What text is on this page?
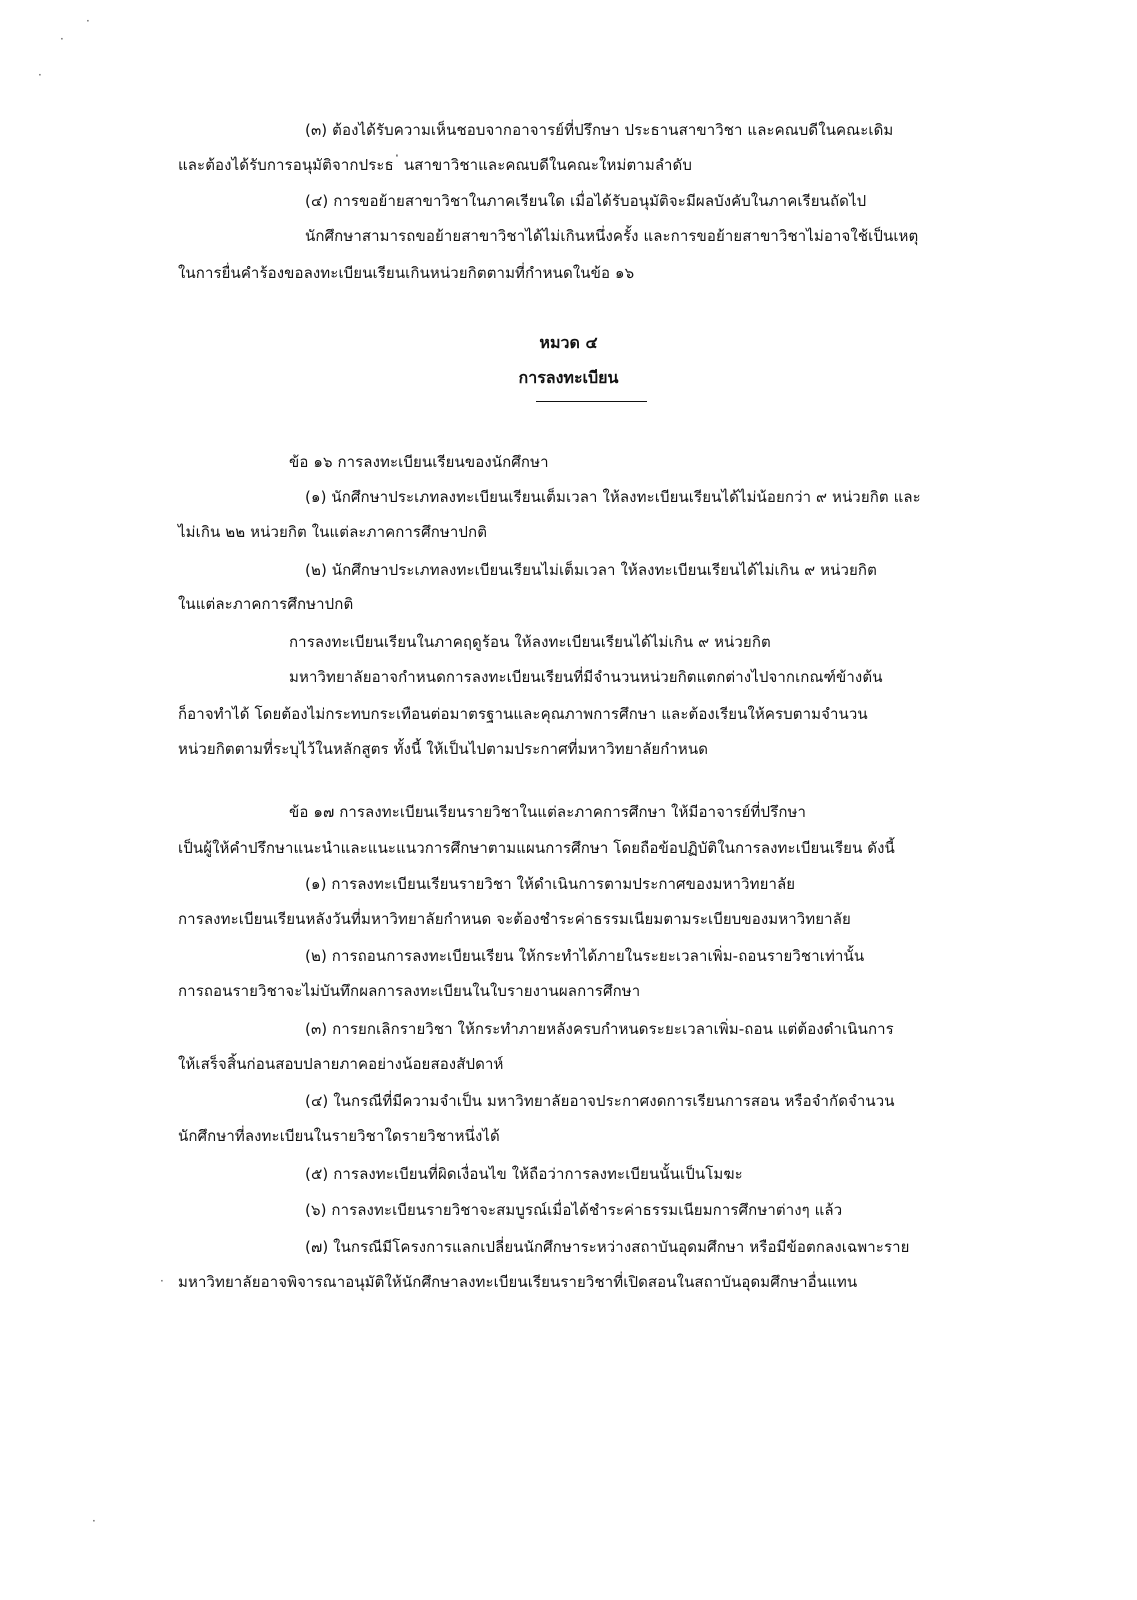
·
·
·
(๓) ต้องได้รับความเห็นชอบจากอาจารย์ที่ปรึกษา ประธานสาขาวิชา และคณบดีในคณะเดิม
และต้องได้รับการอนุมัติจากประธ ่ นสาขาวิชาและคณบดีในคณะใหม่ตามลำดับ
(๔) การขอย้ายสาขาวิชาในภาคเรียนใด เมื่อได้รับอนุมัติจะมีผลบังคับในภาคเรียนถัดไป
นักศึกษาสามารถขอย้ายสาขาวิชาได้ไม่เกินหนึ่งครั้ง และการขอย้ายสาขาวิชาไม่อาจใช้เป็นเหตุ
ในการยื่นคำร้องขอลงทะเบียนเรียนเกินหน่วยกิตตามที่กำหนดในข้อ ๑๖
หมวด ๔
การลงทะเบียน
ข้อ ๑๖ การลงทะเบียนเรียนของนักศึกษา
(๑) นักศึกษาประเภทลงทะเบียนเรียนเต็มเวลา ให้ลงทะเบียนเรียนได้ไม่น้อยกว่า ๙ หน่วยกิต และ
ไม่เกิน ๒๒ หน่วยกิต ในแต่ละภาคการศึกษาปกติ
(๒) นักศึกษาประเภทลงทะเบียนเรียนไม่เต็มเวลา ให้ลงทะเบียนเรียนได้ไม่เกิน ๙ หน่วยกิต
ในแต่ละภาคการศึกษาปกติ
การลงทะเบียนเรียนในภาคฤดูร้อน ให้ลงทะเบียนเรียนได้ไม่เกิน ๙ หน่วยกิต
มหาวิทยาลัยอาจกำหนดการลงทะเบียนเรียนที่มีจำนวนหน่วยกิตแตกต่างไปจากเกณฑ์ข้างต้น
ก็อาจทำได้ โดยต้องไม่กระทบกระเทือนต่อมาตรฐานและคุณภาพการศึกษา และต้องเรียนให้ครบตามจำนวน
หน่วยกิตตามที่ระบุไว้ในหลักสูตร ทั้งนี้ ให้เป็นไปตามประกาศที่มหาวิทยาลัยกำหนด
ข้อ ๑๗ การลงทะเบียนเรียนรายวิชาในแต่ละภาคการศึกษา ให้มีอาจารย์ที่ปรึกษา
เป็นผู้ให้คำปรึกษาแนะนำและแนะแนวการศึกษาตามแผนการศึกษา โดยถือข้อปฏิบัติในการลงทะเบียนเรียน ดังนี้
(๑) การลงทะเบียนเรียนรายวิชา ให้ดำเนินการตามประกาศของมหาวิทยาลัย
การลงทะเบียนเรียนหลังวันที่มหาวิทยาลัยกำหนด จะต้องชำระค่าธรรมเนียมตามระเบียบของมหาวิทยาลัย
(๒) การถอนการลงทะเบียนเรียน ให้กระทำได้ภายในระยะเวลาเพิ่ม-ถอนรายวิชาเท่านั้น
การถอนรายวิชาจะไม่บันทึกผลการลงทะเบียนในใบรายงานผลการศึกษา
(๓) การยกเลิกรายวิชา ให้กระทำภายหลังครบกำหนดระยะเวลาเพิ่ม-ถอน แต่ต้องดำเนินการ
ให้เสร็จสิ้นก่อนสอบปลายภาคอย่างน้อยสองสัปดาห์
(๔) ในกรณีที่มีความจำเป็น มหาวิทยาลัยอาจประกาศงดการเรียนการสอน หรือจำกัดจำนวน
นักศึกษาที่ลงทะเบียนในรายวิชาใดรายวิชาหนึ่งได้
(๕) การลงทะเบียนที่ผิดเงื่อนไข ให้ถือว่าการลงทะเบียนนั้นเป็นโมฆะ
(๖) การลงทะเบียนรายวิชาจะสมบูรณ์เมื่อได้ชำระค่าธรรมเนียมการศึกษาต่างๆ แล้ว
(๗) ในกรณีมีโครงการแลกเปลี่ยนนักศึกษาระหว่างสถาบันอุดมศึกษา หรือมีข้อตกลงเฉพาะราย
มหาวิทยาลัยอาจพิจารณาอนุมัติให้นักศึกษาลงทะเบียนเรียนรายวิชาที่เปิดสอนในสถาบันอุดมศึกษาอื่นแทน
·
·
